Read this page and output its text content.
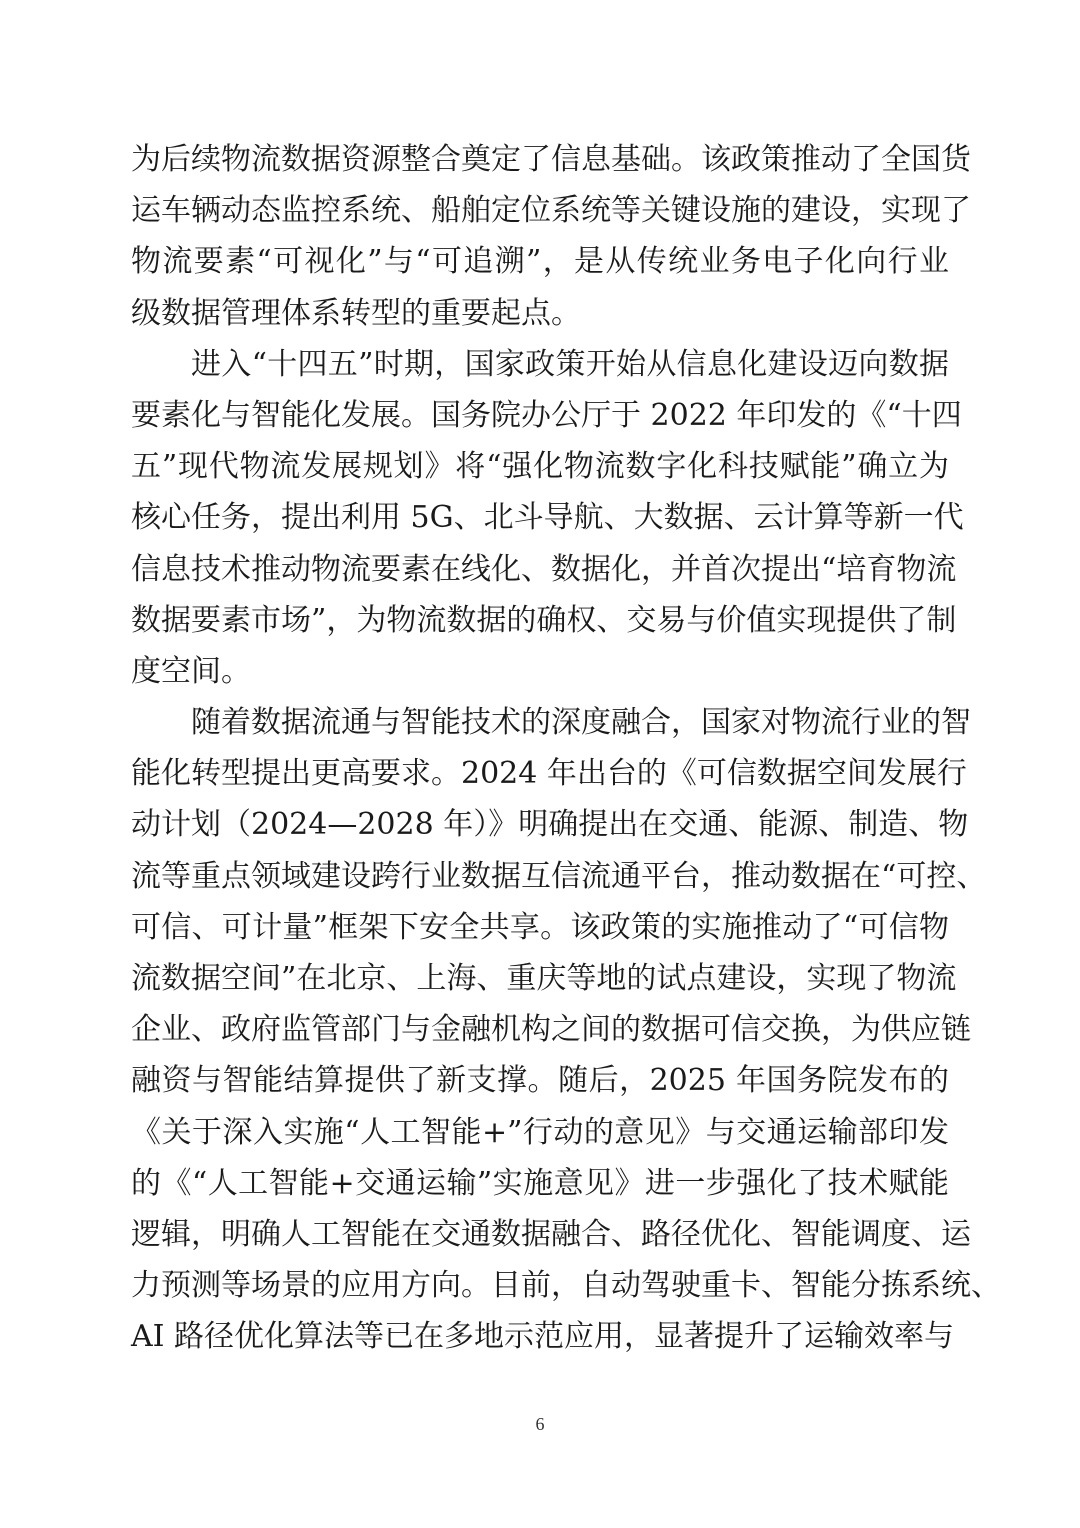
为后续物流数据资源整合奠定了信息基础。该政策推动了全国货
运车辆动态监控系统、船舶定位系统等关键设施的建设，实现了
物流要素“可视化”与“可追溯”，是从传统业务电子化向行业
级数据管理体系转型的重要起点。
进入“十四五”时期，国家政策开始从信息化建设迈向数据
要素化与智能化发展。国务院办公厅于 2022 年印发的《“十四
五”现代物流发展规划》将“强化物流数字化科技赋能”确立为
核心任务，提出利用 5G、北斗导航、大数据、云计算等新一代
信息技术推动物流要素在线化、数据化，并首次提出“培育物流
数据要素市场”，为物流数据的确权、交易与价值实现提供了制
度空间。
随着数据流通与智能技术的深度融合，国家对物流行业的智
能化转型提出更高要求。2024 年出台的《可信数据空间发展行
动计划（2024—2028 年）》明确提出在交通、能源、制造、物
流等重点领域建设跨行业数据互信流通平台，推动数据在“可控、
可信、可计量”框架下安全共享。该政策的实施推动了“可信物
流数据空间”在北京、上海、重庆等地的试点建设，实现了物流
企业、政府监管部门与金融机构之间的数据可信交换，为供应链
融资与智能结算提供了新支撑。随后，2025 年国务院发布的
《关于深入实施“人工智能+”行动的意见》与交通运输部印发
的《“人工智能+交通运输”实施意见》进一步强化了技术赋能
逻辑，明确人工智能在交通数据融合、路径优化、智能调度、运
力预测等场景的应用方向。目前，自动驾驶重卡、智能分拣系统、
AI 路径优化算法等已在多地示范应用，显著提升了运输效率与
6
